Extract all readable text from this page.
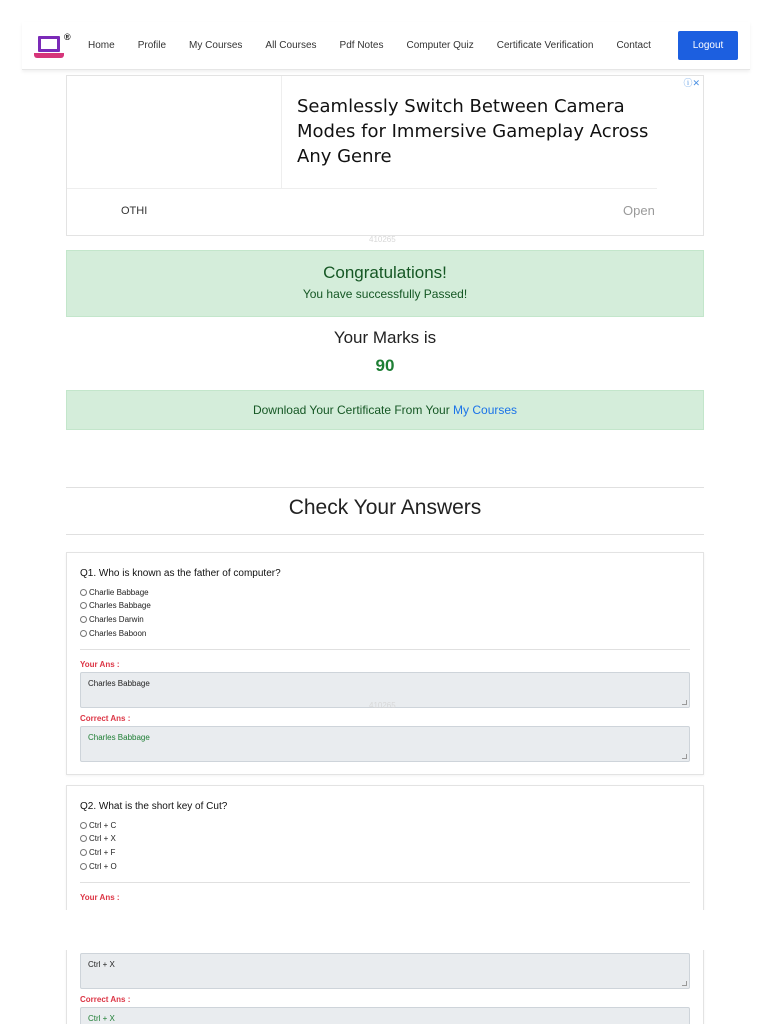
®
Home Profile My Courses All Courses Pdf Notes Computer Quiz Certificate Verification Contact	Logout
Seamlessly Switch Between Camera Modes for Immersive Gameplay Across Any Genre
OTHI	Open
ⓘ✕
410265
Congratulations!
You have successfully Passed!
Your Marks is
90
Download Your Certificate From Your My Courses
Check Your Answers
Q1. Who is known as the father of computer?
Charlie Babbage
Charles Babbage
Charles Darwin
Charles Baboon
Your Ans :
Charles Babbage
Correct Ans :
Charles Babbage
410265
Q2. What is the short key of Cut?
Ctrl + C
Ctrl + X
Ctrl + F
Ctrl + O
Your Ans :
Ctrl + X
Correct Ans :
Ctrl + X
